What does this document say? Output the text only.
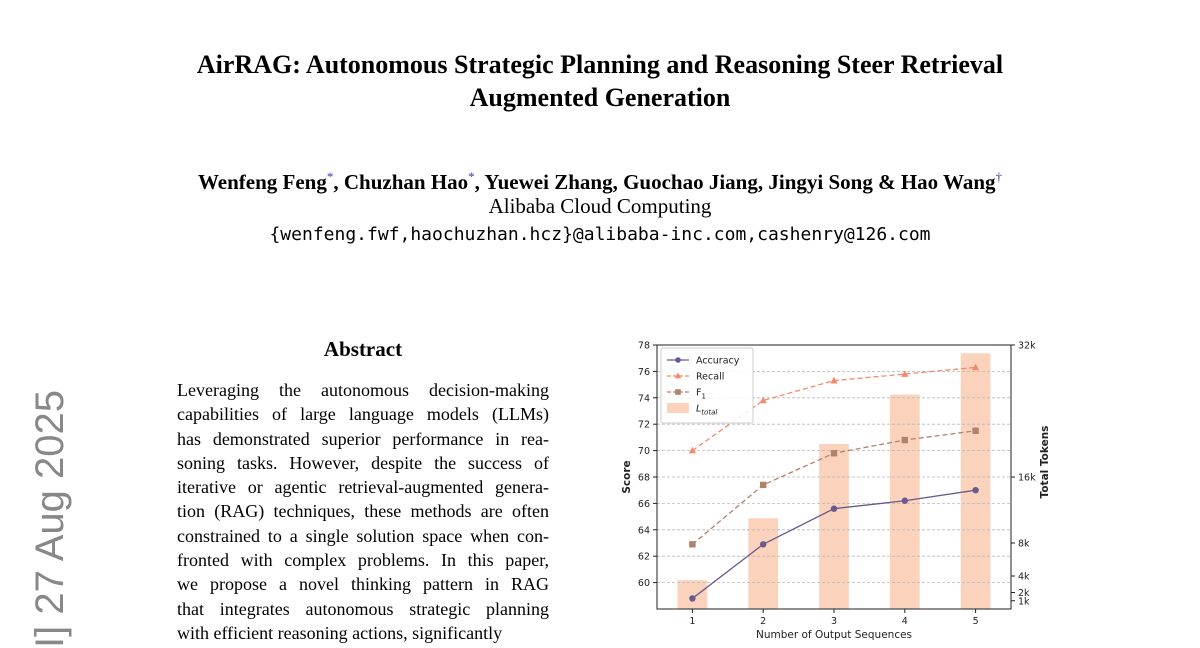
AirRAG: Autonomous Strategic Planning and Reasoning Steer Retrieval
Augmented Generation
Wenfeng Feng*, Chuzhan Hao*, Yuewei Zhang, Guochao Jiang, Jingyi Song & Hao Wang†
Alibaba Cloud Computing
{wenfeng.fwf,haochuzhan.hcz}@alibaba-inc.com,cashenry@126.com
I] 27 Aug 2025
Abstract
Leveraging the autonomous decision-making
capabilities of large language models (LLMs)
has demonstrated superior performance in rea-
soning tasks. However, despite the success of
iterative or agentic retrieval-augmented genera-
tion (RAG) techniques, these methods are often
constrained to a single solution space when con-
fronted with complex problems. In this paper,
we propose a novel thinking pattern in RAG
that integrates autonomous strategic planning
with efficient reasoning actions, significantly
60
62
64
66
68
70
72
74
76
78
1k
2k
4k
8k
16k
32k
1	2	3	4	5
Number of Output Sequences
Score	Total Tokens
Accuracy
Recall
$F_1$
$L_{total}$
